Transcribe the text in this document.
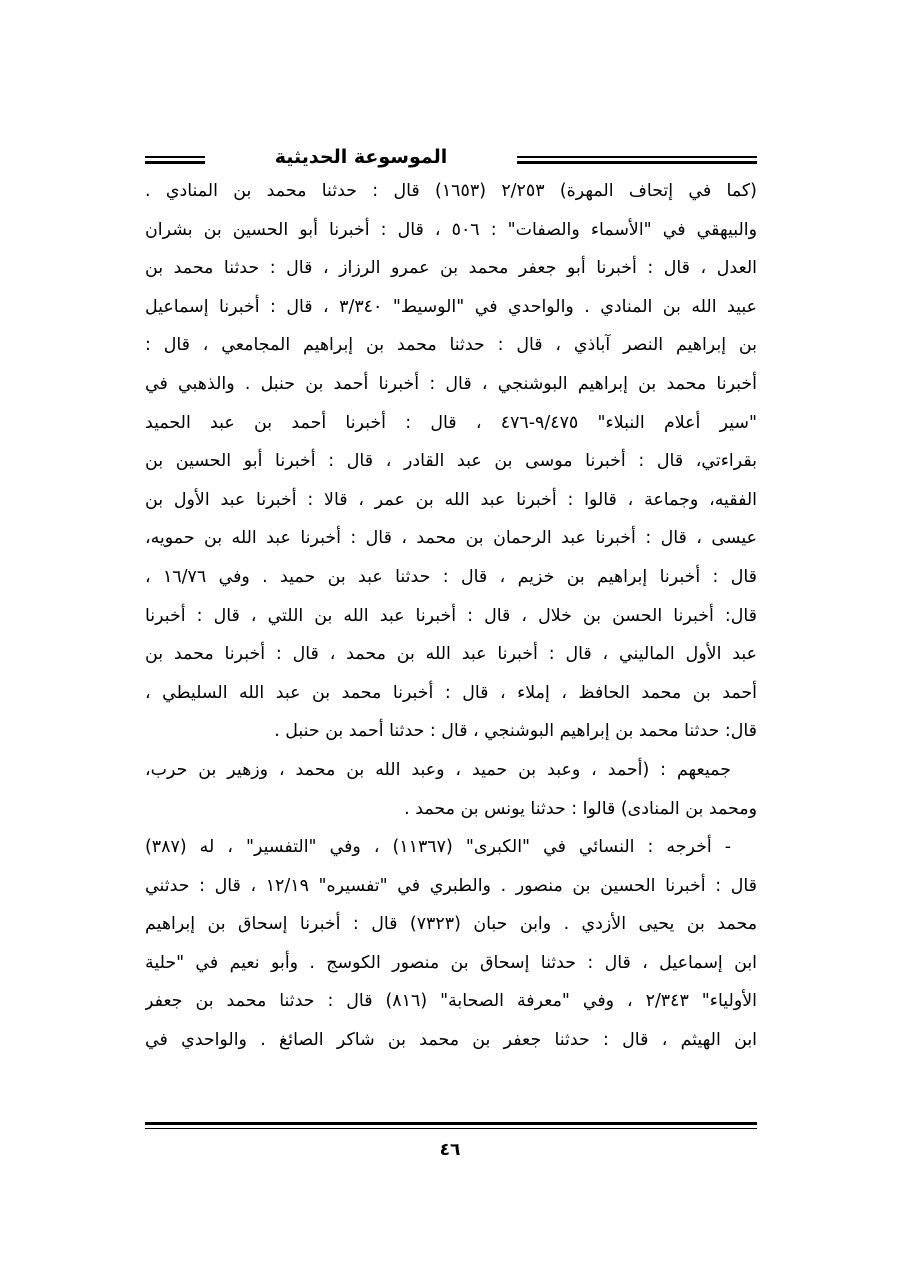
الموسوعة الحديثية
(كما في إتحاف المهرة) ٢/٢٥٣ (١٦٥٣) قال : حدثنا محمد بن المنادي .
والبيهقي في "الأسماء والصفات" : ٥٠٦ ، قال : أخبرنا أبو الحسين بن بشران
العدل ، قال : أخبرنا أبو جعفر محمد بن عمرو الرزاز ، قال : حدثنا محمد بن
عبيد الله بن المنادي . والواحدي في "الوسيط" ٣/٣٤٠ ، قال : أخبرنا إسماعيل
بن إبراهيم النصر آباذي ، قال : حدثنا محمد بن إبراهيم المجامعي ، قال :
أخبرنا محمد بن إبراهيم البوشنجي ، قال : أخبرنا أحمد بن حنبل . والذهبي في
"سير أعلام النبلاء" ٩/٤٧٥-٤٧٦ ، قال : أخبرنا أحمد بن عبد الحميد
بقراءتي، قال : أخبرنا موسى بن عبد القادر ، قال : أخبرنا أبو الحسين بن
الفقيه، وجماعة ، قالوا : أخبرنا عبد الله بن عمر ، قالا : أخبرنا عبد الأول بن
عيسى ، قال : أخبرنا عبد الرحمان بن محمد ، قال : أخبرنا عبد الله بن حمويه،
قال : أخبرنا إبراهيم بن خزيم ، قال : حدثنا عبد بن حميد . وفي ١٦/٧٦ ،
قال: أخبرنا الحسن بن خلال ، قال : أخبرنا عبد الله بن اللتي ، قال : أخبرنا
عبد الأول الماليني ، قال : أخبرنا عبد الله بن محمد ، قال : أخبرنا محمد بن
أحمد بن محمد الحافظ ، إملاء ، قال : أخبرنا محمد بن عبد الله السليطي ،
قال: حدثنا محمد بن إبراهيم البوشنجي ، قال : حدثنا أحمد بن حنبل .
جميعهم : (أحمد ، وعبد بن حميد ، وعبد الله بن محمد ، وزهير بن حرب،
ومحمد بن المنادى) قالوا : حدثنا يونس بن محمد .
- أخرجه : النسائي في "الكبرى" (١١٣٦٧) ، وفي "التفسير" ، له (٣٨٧)
قال : أخبرنا الحسين بن منصور . والطبري في "تفسيره" ١٢/١٩ ، قال : حدثني
محمد بن يحيى الأزدي . وابن حبان (٧٣٢٣) قال : أخبرنا إسحاق بن إبراهيم
ابن إسماعيل ، قال : حدثنا إسحاق بن منصور الكوسج . وأبو نعيم في "حلية
الأولياء" ٢/٣٤٣ ، وفي "معرفة الصحابة" (٨١٦) قال : حدثنا محمد بن جعفر
ابن الهيثم ، قال : حدثنا جعفر بن محمد بن شاكر الصائغ . والواحدي في
٤٦
